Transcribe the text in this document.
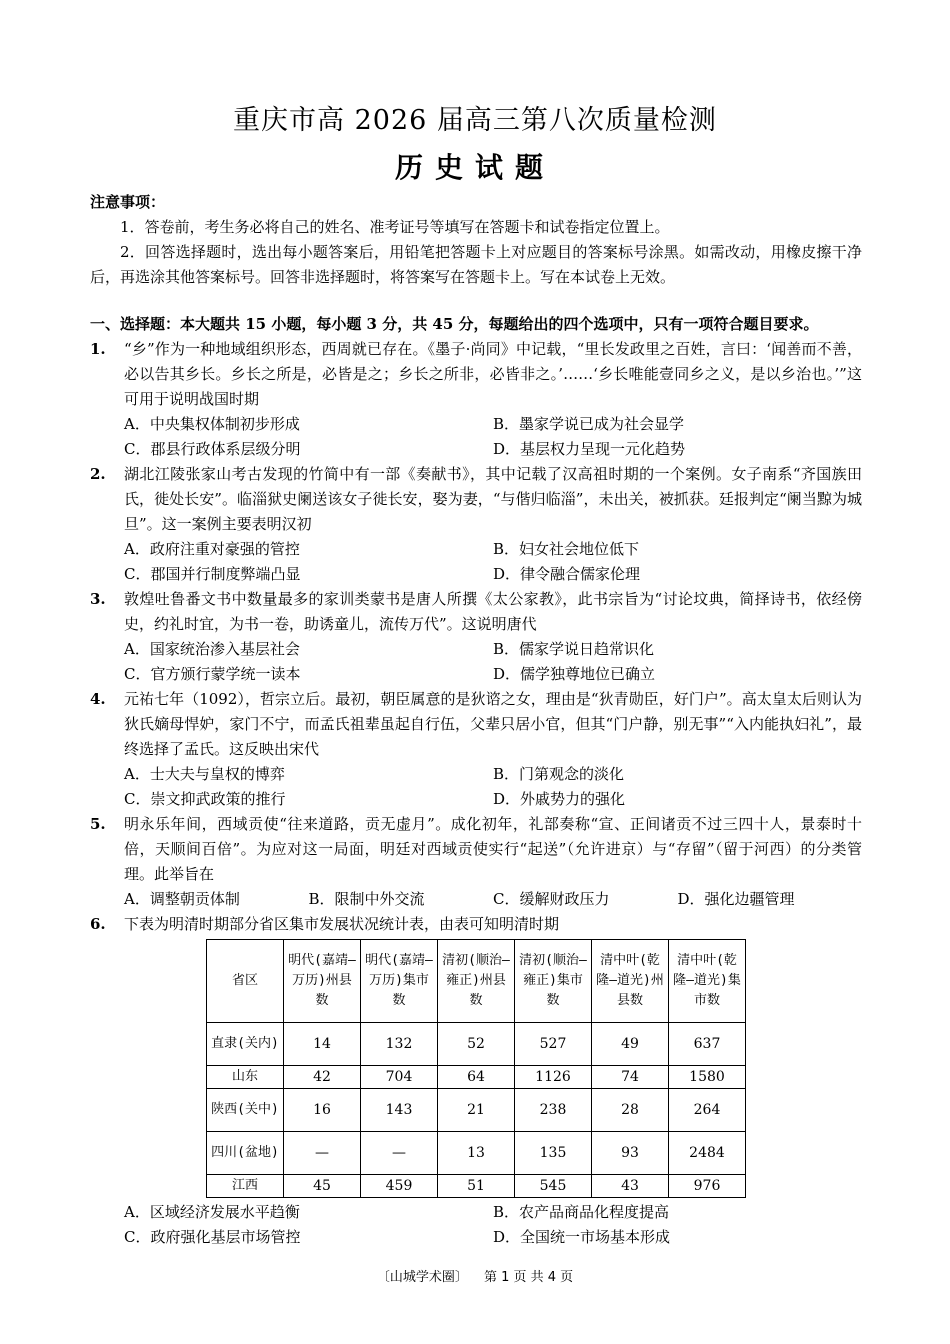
重庆市高 2026 届高三第八次质量检测
历史试题
注意事项：
1．答卷前，考生务必将自己的姓名、准考证号等填写在答题卡和试卷指定位置上。
2．回答选择题时，选出每小题答案后，用铅笔把答题卡上对应题目的答案标号涂黑。如需改动，用橡皮擦干净后，再选涂其他答案标号。回答非选择题时，将答案写在答题卡上。写在本试卷上无效。
一、选择题：本大题共 15 小题，每小题 3 分，共 45 分，每题给出的四个选项中，只有一项符合题目要求。
1. “乡”作为一种地域组织形态，西周就已存在。《墨子·尚同》中记载，“里长发政里之百姓，言曰：‘闻善而不善，必以告其乡长。乡长之所是，必皆是之；乡长之所非，必皆非之。’……‘乡长唯能壹同乡之义，是以乡治也。’”这可用于说明战国时期
A．中央集权体制初步形成	B．墨家学说已成为社会显学
C．郡县行政体系层级分明	D．基层权力呈现一元化趋势
2. 湖北江陵张家山考古发现的竹简中有一部《奏献书》，其中记载了汉高祖时期的一个案例。女子南系“齐国族田氏，徙处长安”。临淄狱史阑送该女子徙长安，娶为妻，“与偕归临淄”，未出关，被抓获。廷报判定“阑当黥为城旦”。这一案例主要表明汉初
A．政府注重对豪强的管控	B．妇女社会地位低下
C．郡国并行制度弊端凸显	D．律令融合儒家伦理
3. 敦煌吐鲁番文书中数量最多的家训类蒙书是唐人所撰《太公家教》，此书宗旨为“讨论坟典，简择诗书，依经傍史，约礼时宜，为书一卷，助诱童儿，流传万代”。这说明唐代
A．国家统治渗入基层社会	B．儒家学说日趋常识化
C．官方颁行蒙学统一读本	D．儒学独尊地位已确立
4. 元祐七年（1092），哲宗立后。最初，朝臣属意的是狄谘之女，理由是“狄青勋臣，好门户”。高太皇太后则认为狄氏嫡母悍妒，家门不宁，而孟氏祖辈虽起自行伍，父辈只居小官，但其“门户静，别无事”“入内能执妇礼”，最终选择了孟氏。这反映出宋代
A．士大夫与皇权的博弈	B．门第观念的淡化
C．崇文抑武政策的推行	D．外戚势力的强化
5. 明永乐年间，西域贡使“往来道路，贡无虚月”。成化初年，礼部奏称“宣、正间诸贡不过三四十人，景泰时十倍，天顺间百倍”。为应对这一局面，明廷对西域贡使实行“起送”（允许进京）与“存留”（留于河西）的分类管理。此举旨在
A．调整朝贡体制	B．限制中外交流	C．缓解财政压力	D．强化边疆管理
6. 下表为明清时期部分省区集市发展状况统计表，由表可知明清时期
省区	明代(嘉靖—万历)州县数	明代(嘉靖—万历)集市数	清初(顺治—雍正)州县数	清初(顺治—雍正)集市数	清中叶(乾隆—道光)州县数	清中叶(乾隆—道光)集市数
直隶(关内)	14	132	52	527	49	637
山东	42	704	64	1126	74	1580
陕西(关中)	16	143	21	238	28	264
四川(盆地)	—	—	13	135	93	2484
江西	45	459	51	545	43	976
A．区域经济发展水平趋衡	B．农产品商品化程度提高
C．政府强化基层市场管控	D．全国统一市场基本形成
〔山城学术圈〕 第 1 页 共 4 页
